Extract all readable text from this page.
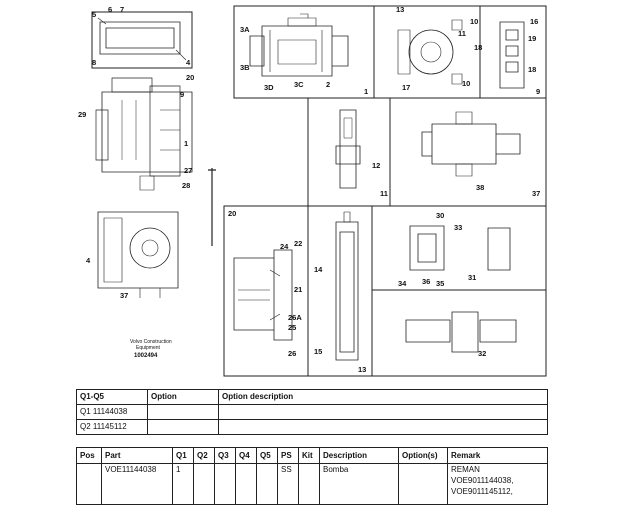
5
6 7
4
8
3A
3B
3D	3C	2
1
13
10
11
18
17	10
16
19
18
9
20
9
29
1
27
28
4
37
12
11
38
37
20
24 22
21
26A
25
26
14
15
13
30
33
34 36 35
31
32
Volvo Construction
Equipment
1002494
Q1-Q5	Option	Option description
Q1 11144038		
Q2 11145112		
Pos	Part	Q1	Q2	Q3	Q4	Q5	PS	Kit	Description	Option(s)	Remark
	VOE11144038	1					SS		Bomba		REMAN
VOE9011144038,
VOE9011145112,
